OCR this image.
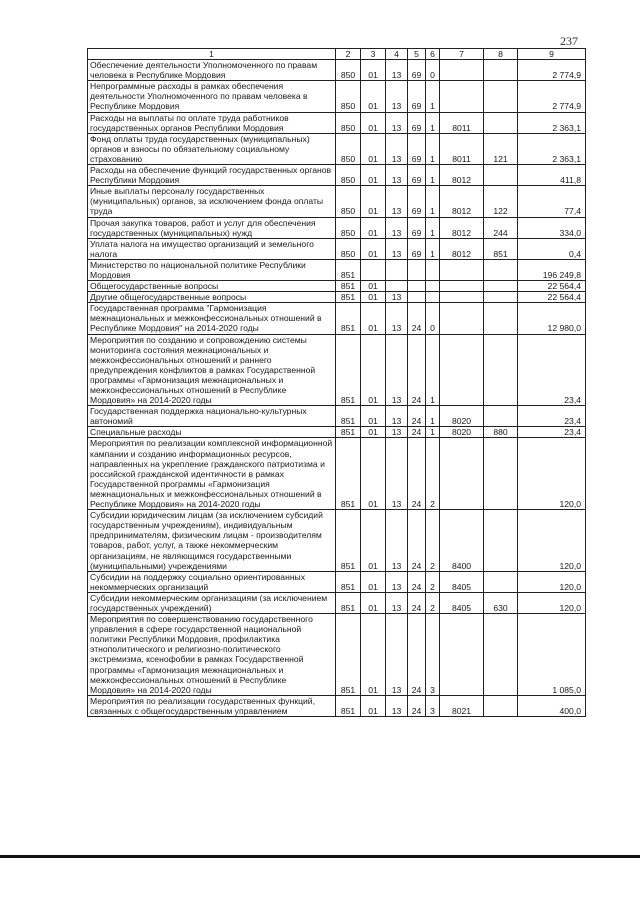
237
1	2	3	4	5	6	7	8	9
Обеспечение деятельности Уполномоченного по правам человека в Республике Мордовия	850	01	13	69	0			2 774,9
Непрограммные расходы в рамках обеспечения деятельности Уполномоченного по правам человека в Республике Мордовия	850	01	13	69	1			2 774,9
Расходы на выплаты по оплате труда работников государственных органов Республики Мордовия	850	01	13	69	1	8011		2 363,1
Фонд оплаты труда государственных (муниципальных) органов и взносы по обязательному социальному страхованию	850	01	13	69	1	8011	121	2 363,1
Расходы на обеспечение функций государственных органов Республики Мордовия	850	01	13	69	1	8012		411,8
Иные выплаты персоналу государственных (муниципальных) органов, за исключением фонда оплаты труда	850	01	13	69	1	8012	122	77,4
Прочая закупка товаров, работ и услуг для обеспечения государственных (муниципальных) нужд	850	01	13	69	1	8012	244	334,0
Уплата налога на имущество организаций и земельного налога	850	01	13	69	1	8012	851	0,4
Министерство по национальной политике Республики Мордовия	851							196 249,8
Общегосударственные вопросы	851	01						22 564,4
Другие общегосударственные вопросы	851	01	13					22 564,4
Государственная программа "Гармонизация межнациональных и межконфессиональных отношений в Республике Мордовия" на 2014-2020 годы	851	01	13	24	0			12 980,0
Мероприятия по созданию и сопровождению системы мониторинга состояния межнациональных и межконфессиональных отношений и раннего предупреждения конфликтов в рамках Государственной программы «Гармонизация межнациональных и межконфессиональных отношений в Республике Мордовия» на 2014-2020 годы	851	01	13	24	1			23,4
Государственная поддержка национально-культурных автономий	851	01	13	24	1	8020		23,4
Специальные расходы	851	01	13	24	1	8020	880	23,4
Мероприятия по реализации комплексной информационной кампании и созданию информационных ресурсов, направленных на укрепление гражданского патриотизма и российской гражданской идентичности в рамках Государственной программы «Гармонизация межнациональных и межконфессиональных отношений в Республике Мордовия» на 2014-2020 годы	851	01	13	24	2			120,0
Субсидии юридическим лицам (за исключением субсидий государственным учреждениям), индивидуальным предпринимателям, физическим лицам - производителям товаров, работ, услуг, а также некоммерческим организациям, не являющимся государственными (муниципальными) учреждениями	851	01	13	24	2	8400		120,0
Субсидии на поддержку социально ориентированных некоммерческих организаций	851	01	13	24	2	8405		120,0
Субсидии некоммерческим организациям (за исключением государственных учреждений)	851	01	13	24	2	8405	630	120,0
Мероприятия по совершенствованию государственного управления в сфере государственной национальной политики Республики Мордовия, профилактика этнополитического и религиозно-политического экстремизма, ксенофобии в рамках Государственной программы «Гармонизация межнациональных и межконфессиональных отношений в Республике Мордовия» на 2014-2020 годы	851	01	13	24	3			1 085,0
Мероприятия по реализации государственных функций, связанных с общегосударственным управлением	851	01	13	24	3	8021		400,0
